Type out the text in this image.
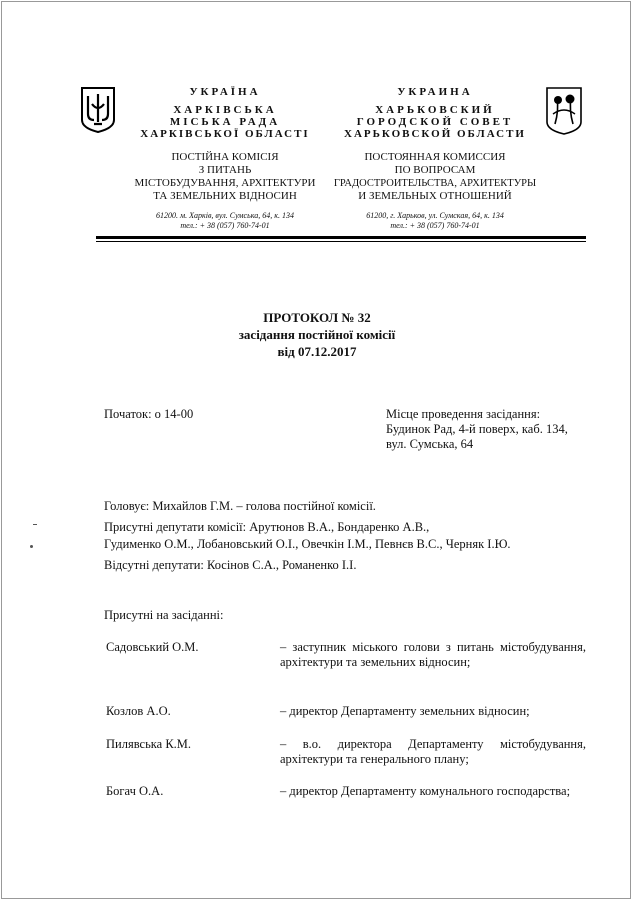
УКРАЇНА
ХАРКІВСЬКА
МІСЬКА РАДА
ХАРКІВСЬКОЇ ОБЛАСТІ
ПОСТІЙНА КОМІСІЯ
З ПИТАНЬ
МІСТОБУДУВАННЯ, АРХІТЕКТУРИ
ТА ЗЕМЕЛЬНИХ ВІДНОСИН
61200. м. Харків, вул. Сумська, 64, к. 134
тел.: + 38 (057) 760-74-01
УКРАИНА
ХАРЬКОВСКИЙ
ГОРОДСКОЙ СОВЕТ
ХАРЬКОВСКОЙ ОБЛАСТИ
ПОСТОЯННАЯ КОМИССИЯ
ПО ВОПРОСАМ
ГРАДОСТРОИТЕЛЬСТВА, АРХИТЕКТУРЫ
И ЗЕМЕЛЬНЫХ ОТНОШЕНИЙ
61200, г. Харьков, ул. Сумская, 64, к. 134
тел.: + 38 (057) 760-74-01
ПРОТОКОЛ № 32
засідання постійної комісії
від 07.12.2017
Початок: о 14-00	Місце проведення засідання:
Будинок Рад, 4-й поверх, каб. 134,
вул. Сумська, 64
Головує: Михайлов Г.М. – голова постійної комісії.
Присутні депутати комісії: Арутюнов В.А., Бондаренко А.В.,
Гудименко О.М., Лобановський О.І., Овечкін І.М., Певнєв В.С., Черняк І.Ю.
Відсутні депутати: Косінов С.А., Романенко І.І.
Присутні на засіданні:
Садовський О.М.	– заступник міського голови з питань містобудування, архітектури та земельних відносин;
Козлов А.О.	– директор Департаменту земельних відносин;
Пилявська К.М.	– в.о. директора Департаменту містобудування, архітектури та генерального плану;
Богач О.А.	– директор Департаменту комунального господарства;
